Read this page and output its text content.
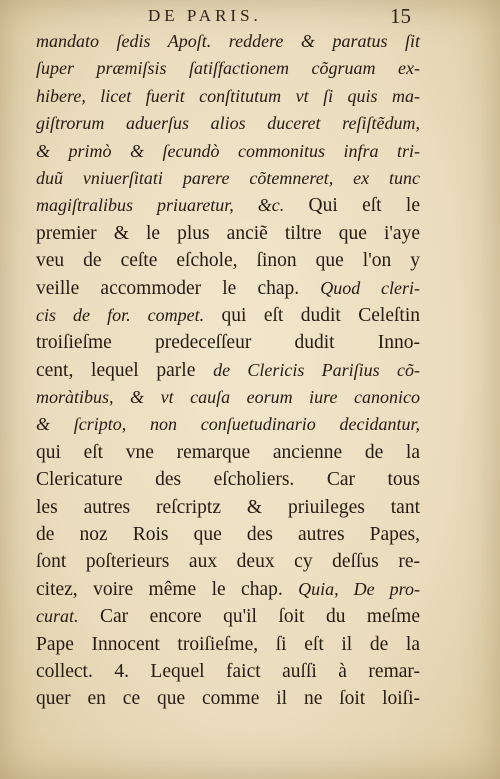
DE PARIS.	15
mandato ſedis Apoſt. reddere & paratus ſit
ſuper præmiſsis ſatiſfactionem cõgruam ex-
hibere, licet fuerit conſtitutum vt ſi quis ma-
giſtrorum aduerſus alios duceret reſiſtẽdum,
& primò & ſecundò commonitus infra tri-
duũ vniuerſitati parere cõtemneret, ex tunc
magiſtralibus priuaretur, &c. Qui eſt le
premier & le plus anciẽ tiltre que i'aye
veu de ceſte eſchole, ſinon que l'on y
veille accommoder le chap. Quod cleri-
cis de for. compet. qui eſt dudit Celeſtin
troiſieſme predeceſſeur dudit Inno-
cent, lequel parle de Clericis Pariſius cõ-
moràtibus, & vt cauſa eorum iure canonico
& ſcripto, non conſuetudinario decidantur,
qui eſt vne remarque ancienne de la
Clericature des eſcholiers. Car tous
les autres reſcriptz & priuileges tant
de noz Rois que des autres Papes,
ſont poſterieurs aux deux cy deſſus re-
citez, voire même le chap. Quia, De pro-
curat. Car encore qu'il ſoit du meſme
Pape Innocent troiſieſme, ſi eſt il de la
collect. 4. Lequel faict auſſi à remar-
quer en ce que comme il ne ſoit loiſi-
